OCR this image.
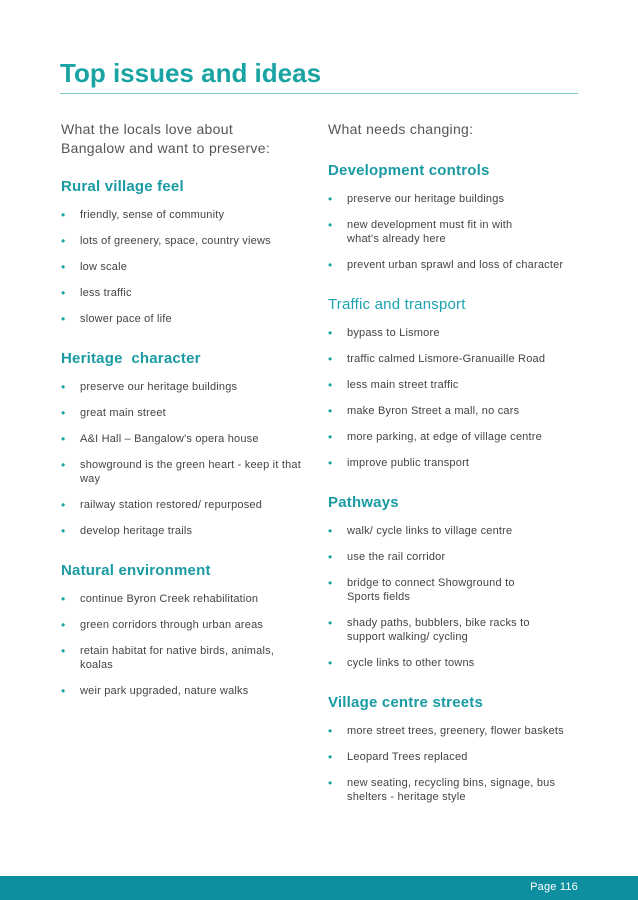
Top issues and ideas

What the locals love about Bangalow and want to preserve:

Rural village feel
• friendly, sense of community
• lots of greenery, space, country views
• low scale
• less traffic
• slower pace of life
Heritage  character
• preserve our heritage buildings
• great main street
• A&I Hall – Bangalow's opera house
• showground is the green heart - keep it that way
• railway station restored/ repurposed
• develop heritage trails
Natural environment
• continue Byron Creek rehabilitation
• green corridors through urban areas
• retain habitat for native birds, animals, koalas
• weir park upgraded, nature walks

What needs changing:

Development controls
• preserve our heritage buildings
• new development must fit in with what's already here
• prevent urban sprawl and loss of character
Traffic and transport
• bypass to Lismore
• traffic calmed Lismore-Granuaille Road
• less main street traffic
• make Byron Street a mall, no cars
• more parking, at edge of village centre
• improve public transport
Pathways
• walk/ cycle links to village centre
• use the rail corridor
• bridge to connect Showground to Sports fields
• shady paths, bubblers, bike racks to support walking/ cycling
• cycle links to other towns
Village centre streets
• more street trees, greenery, flower baskets
• Leopard Trees replaced
• new seating, recycling bins, signage, bus shelters - heritage style
Page 116
